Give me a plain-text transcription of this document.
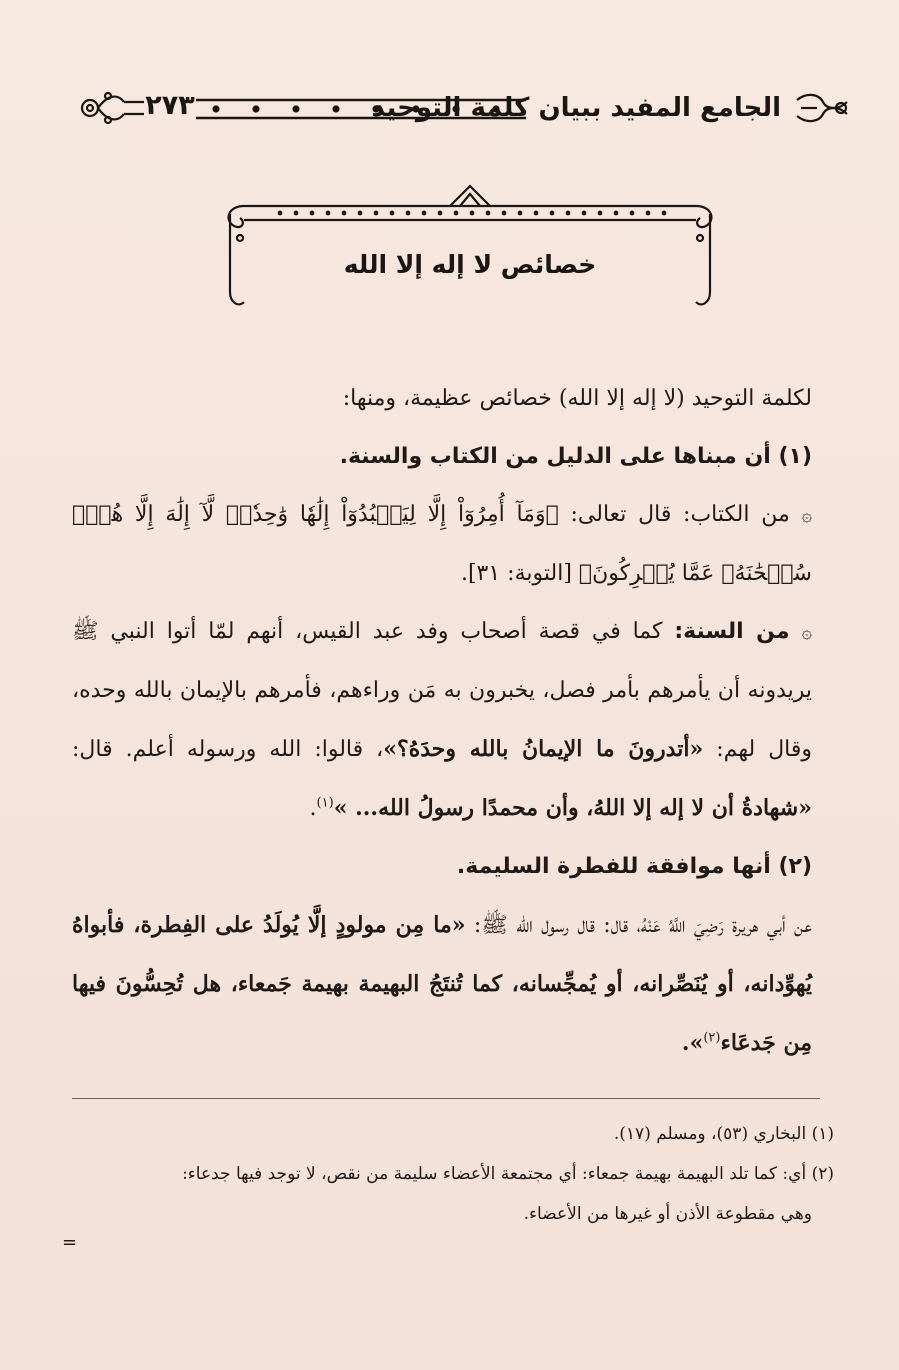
٢٧٣	الجامع المفيد ببيان كلمة التوحيد
خصائص لا إله إلا الله

لكلمة التوحيد (لا إله إلا الله) خصائص عظيمة، ومنها:

(١) أن مبناها على الدليل من الكتاب والسنة.

۞ من الكتاب: قال تعالى: ﴿وَمَآ أُمِرُوٓاْ إِلَّا لِيَعۡبُدُوٓاْ إِلَٰهٗا وَٰحِدٗاۖ لَّآ إِلَٰهَ إِلَّا هُوَۚ سُبۡحَٰنَهُۥ عَمَّا يُشۡرِكُونَ﴾ [التوبة: ٣١].

۞ من السنة: كما في قصة أصحاب وفد عبد القيس، أنهم لمّا أتوا النبي ﷺ يريدونه أن يأمرهم بأمر فصل، يخبرون به مَن وراءهم، فأمرهم بالإيمان بالله وحده، وقال لهم: «أتدرونَ ما الإيمانُ بالله وحدَهُ؟»، قالوا: الله ورسوله أعلم. قال: «شهادةُ أن لا إله إلا اللهُ، وأن محمدًا رسولُ الله... »$^{(١)}$.

(٢) أنها موافقة للفطرة السليمة.

عن أبي هريرة رَضِيَ اللَّهُ عَنْهُ، قال: قال رسول الله ﷺ: «ما مِن مولودٍ إلَّا يُولَدُ على الفِطرة، فأبواهُ يُهوِّدانه، أو يُنَصِّرانه، أو يُمجِّسانه، كما تُنتَجُ البهيمة بهيمة جَمعاء، هل تُحِسُّونَ فيها مِن جَدعَاء$^{(٢)}$».

(١) البخاري (٥٣)، ومسلم (١٧).

(٢) أي: كما تلد البهيمة بهيمة جمعاء: أي مجتمعة الأعضاء سليمة من نقص، لا توجد فيها جدعاء:

وهي مقطوعة الأذن أو غيرها من الأعضاء.

=
